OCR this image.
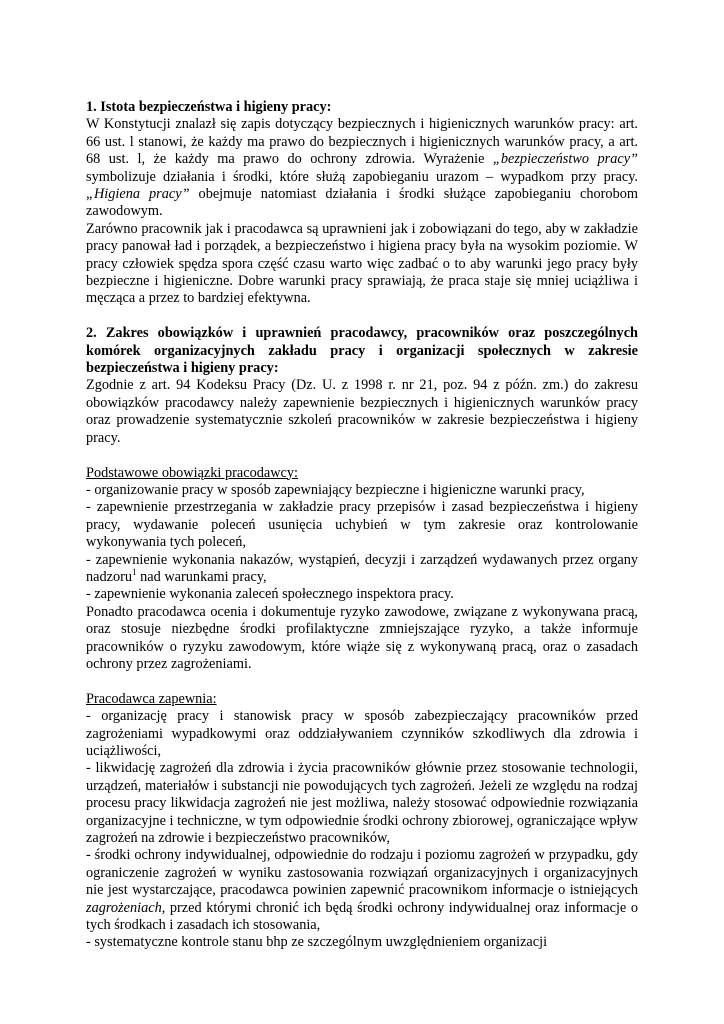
1. Istota bezpieczeństwa i higieny pracy:

W Konstytucji znalazł się zapis dotyczący bezpiecznych i higienicznych warunków pracy: art. 66 ust. l stanowi, że każdy ma prawo do bezpiecznych i higienicznych warunków pracy, a art. 68 ust. l, że każdy ma prawo do ochrony zdrowia. Wyrażenie „bezpieczeństwo pracy” symbolizuje działania i środki, które służą zapobieganiu urazom – wypadkom przy pracy. „Higiena pracy” obejmuje natomiast działania i środki służące zapobieganiu chorobom zawodowym.

Zarówno pracownik jak i pracodawca są uprawnieni jak i zobowiązani do tego, aby w zakładzie pracy panował ład i porządek, a bezpieczeństwo i higiena pracy była na wysokim poziomie. W pracy człowiek spędza spora część czasu warto więc zadbać o to aby warunki jego pracy były bezpieczne i higieniczne. Dobre warunki pracy sprawiają, że praca staje się mniej uciążliwa i męcząca a przez to bardziej efektywna.

2. Zakres obowiązków i uprawnień pracodawcy, pracowników oraz poszczególnych komórek organizacyjnych zakładu pracy i organizacji społecznych w zakresie bezpieczeństwa i higieny pracy:

Zgodnie z art. 94 Kodeksu Pracy (Dz. U. z 1998 r. nr 21, poz. 94 z późn. zm.) do zakresu obowiązków pracodawcy należy zapewnienie bezpiecznych i higienicznych warunków pracy oraz prowadzenie systematycznie szkoleń pracowników w zakresie bezpieczeństwa i higieny pracy.

Podstawowe obowiązki pracodawcy:

- organizowanie pracy w sposób zapewniający bezpieczne i higieniczne warunki pracy,
- zapewnienie przestrzegania w zakładzie pracy przepisów i zasad bezpieczeństwa i higieny pracy, wydawanie poleceń usunięcia uchybień w tym zakresie oraz kontrolowanie wykonywania tych poleceń,
- zapewnienie wykonania nakazów, wystąpień, decyzji i zarządzeń wydawanych przez organy nadzoru$^1$ nad warunkami pracy,
- zapewnienie wykonania zaleceń społecznego inspektora pracy.

Ponadto pracodawca ocenia i dokumentuje ryzyko zawodowe, związane z wykonywana pracą, oraz stosuje niezbędne środki profilaktyczne zmniejszające ryzyko, a także informuje pracowników o ryzyku zawodowym, które wiąże się z wykonywaną pracą, oraz o zasadach ochrony przez zagrożeniami.

Pracodawca zapewnia:

- organizację pracy i stanowisk pracy w sposób zabezpieczający pracowników przed zagrożeniami wypadkowymi oraz oddziaływaniem czynników szkodliwych dla zdrowia i uciążliwości,
- likwidację zagrożeń dla zdrowia i życia pracowników głównie przez stosowanie technologii, urządzeń, materiałów i substancji nie powodujących tych zagrożeń. Jeżeli ze względu na rodzaj procesu pracy likwidacja zagrożeń nie jest możliwa, należy stosować odpowiednie rozwiązania organizacyjne i techniczne, w tym odpowiednie środki ochrony zbiorowej, ograniczające wpływ zagrożeń na zdrowie i bezpieczeństwo pracowników,
- środki ochrony indywidualnej, odpowiednie do rodzaju i poziomu zagrożeń w przypadku, gdy ograniczenie zagrożeń w wyniku zastosowania rozwiązań organizacyjnych i organizacyjnych nie jest wystarczające, pracodawca powinien zapewnić pracownikom informacje o istniejących zagrożeniach, przed którymi chronić ich będą środki ochrony indywidualnej oraz informacje o tych środkach i zasadach ich stosowania,
- systematyczne kontrole stanu bhp ze szczególnym uwzględnieniem organizacji
